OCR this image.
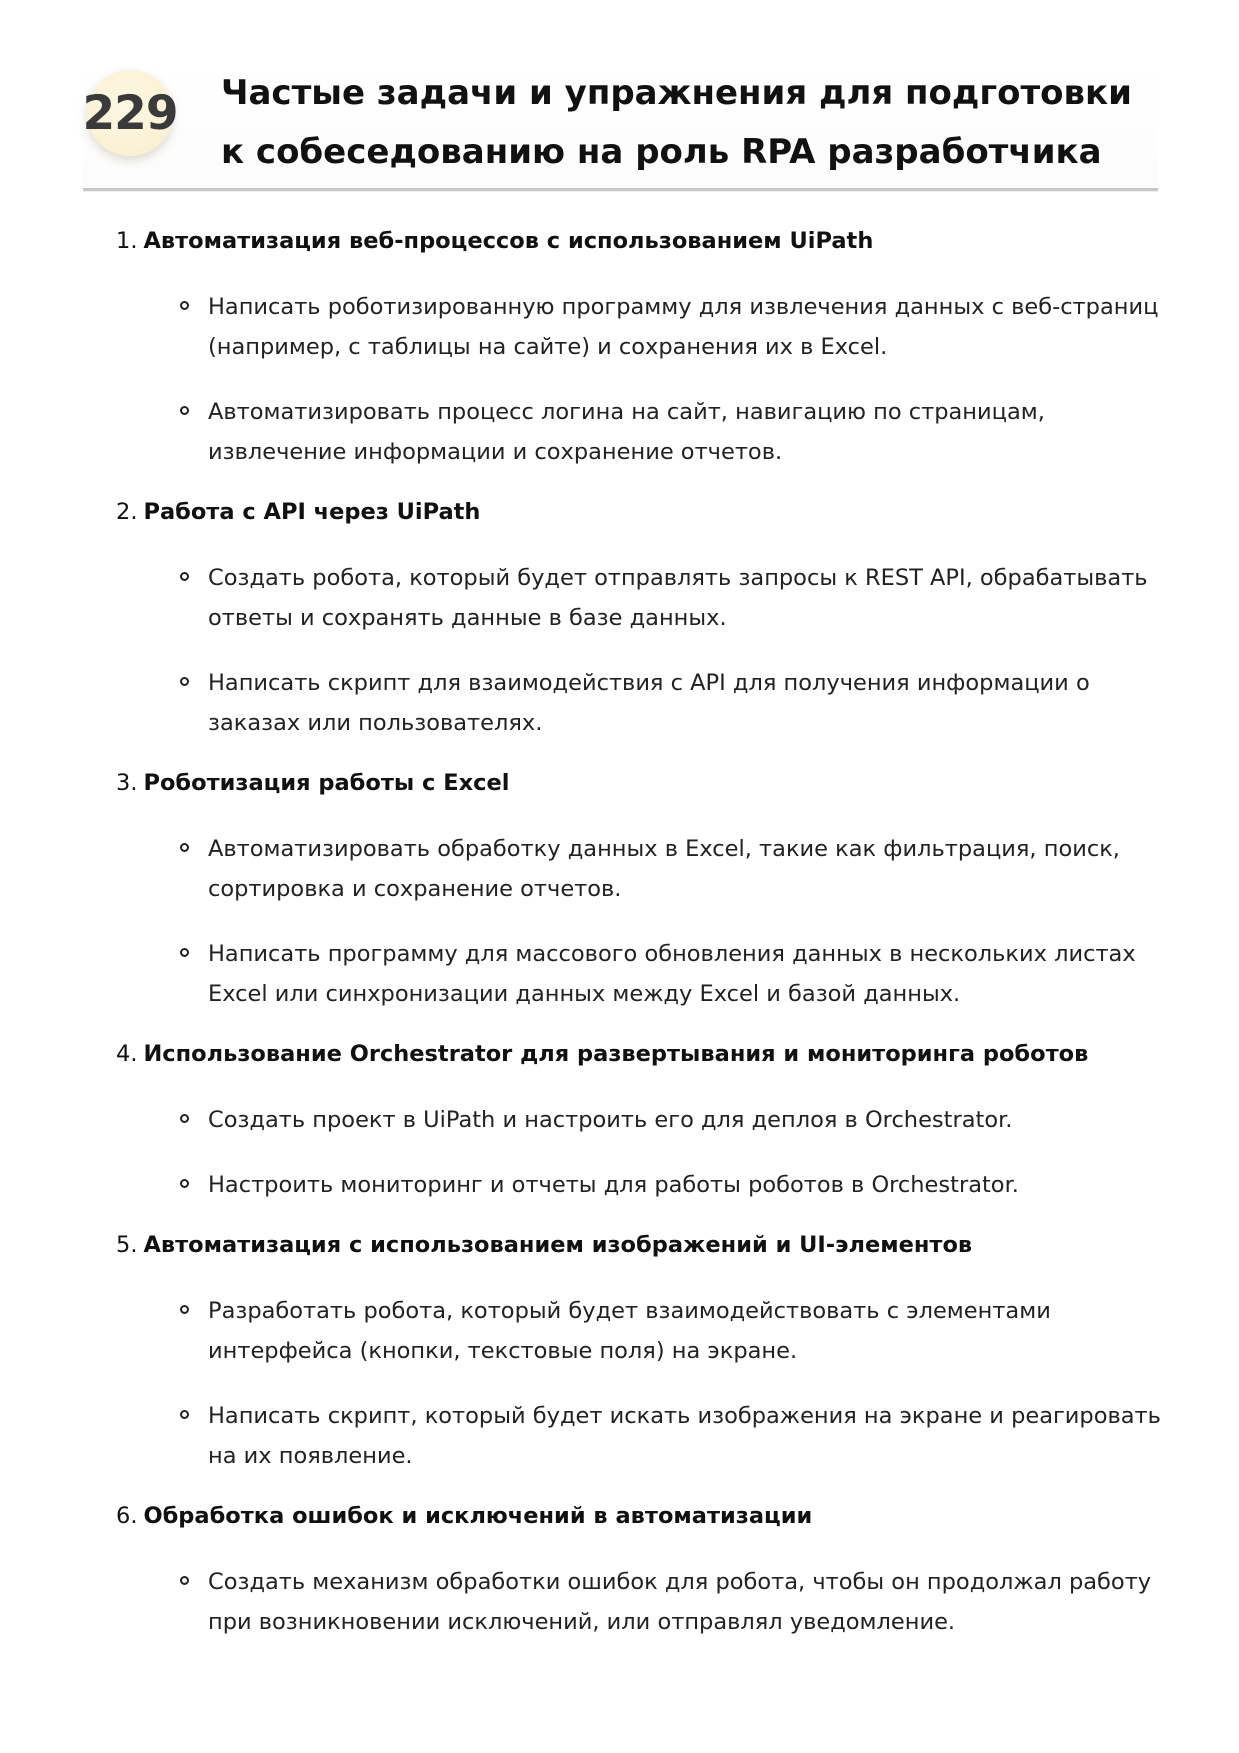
229 Частые задачи и упражнения для подготовки к собеседованию на роль RPA разработчика
1. Автоматизация веб-процессов с использованием UiPath
Написать роботизированную программу для извлечения данных с веб-страниц (например, с таблицы на сайте) и сохранения их в Excel.
Автоматизировать процесс логина на сайт, навигацию по страницам, извлечение информации и сохранение отчетов.
2. Работа с API через UiPath
Создать робота, который будет отправлять запросы к REST API, обрабатывать ответы и сохранять данные в базе данных.
Написать скрипт для взаимодействия с API для получения информации о заказах или пользователях.
3. Роботизация работы с Excel
Автоматизировать обработку данных в Excel, такие как фильтрация, поиск, сортировка и сохранение отчетов.
Написать программу для массового обновления данных в нескольких листах Excel или синхронизации данных между Excel и базой данных.
4. Использование Orchestrator для развертывания и мониторинга роботов
Создать проект в UiPath и настроить его для деплоя в Orchestrator.
Настроить мониторинг и отчеты для работы роботов в Orchestrator.
5. Автоматизация с использованием изображений и UI-элементов
Разработать робота, который будет взаимодействовать с элементами интерфейса (кнопки, текстовые поля) на экране.
Написать скрипт, который будет искать изображения на экране и реагировать на их появление.
6. Обработка ошибок и исключений в автоматизации
Создать механизм обработки ошибок для робота, чтобы он продолжал работу при возникновении исключений, или отправлял уведомление.
